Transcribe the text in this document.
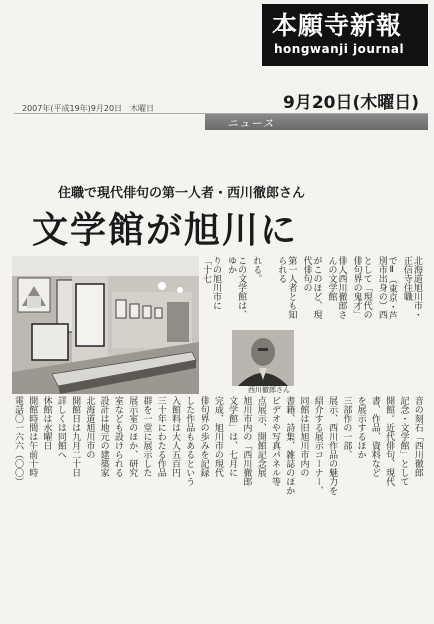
本願寺新報
hongwanji journal
2007年(平成19年)9月20日　木曜日	9月20日(木曜日)
ニュース
住職で現代俳句の第一人者・西川徹郎さん
文学館が旭川に
北海道旭川市・正信寺住職
でⅡ（東京・芦別市出身の）西
として「現代の俳句界の鬼才」
俳人西川徹郎さんの文学館
がこのほど、現代俳句の
第一人者とも知られる
れる。
この文学館は、ゆか
りの旭川市に「十七
西川徹郎さん
音の刻石「西川徹郎
記念・文学館」として
開館。近代俳句、現代
書、作品、資料など
を展示するほか
三部作の一部、
展示、西川作品の魅力を
紹介する展示コーナー、
同館は旧旭川市内の
書籍、詩集、雑誌のほか
ビデオや写真パネル等
点展示、開館記念展
旭川市内の「西川徹郎
文学館」は、七月に
完成、旭川市の現代
俳句界の歩みを記録
した作品もあるという
入館料は大人五百円
三十年にわたる作品
群を一堂に展示した
展示室のほか、研究
室なども設けられる
設計は地元の建築家
北海道旭川市の
開館日は九月二十日
詳しくは同館へ
休館は水曜日
開館時間は午前十時
電話〇一六六（〇〇）
